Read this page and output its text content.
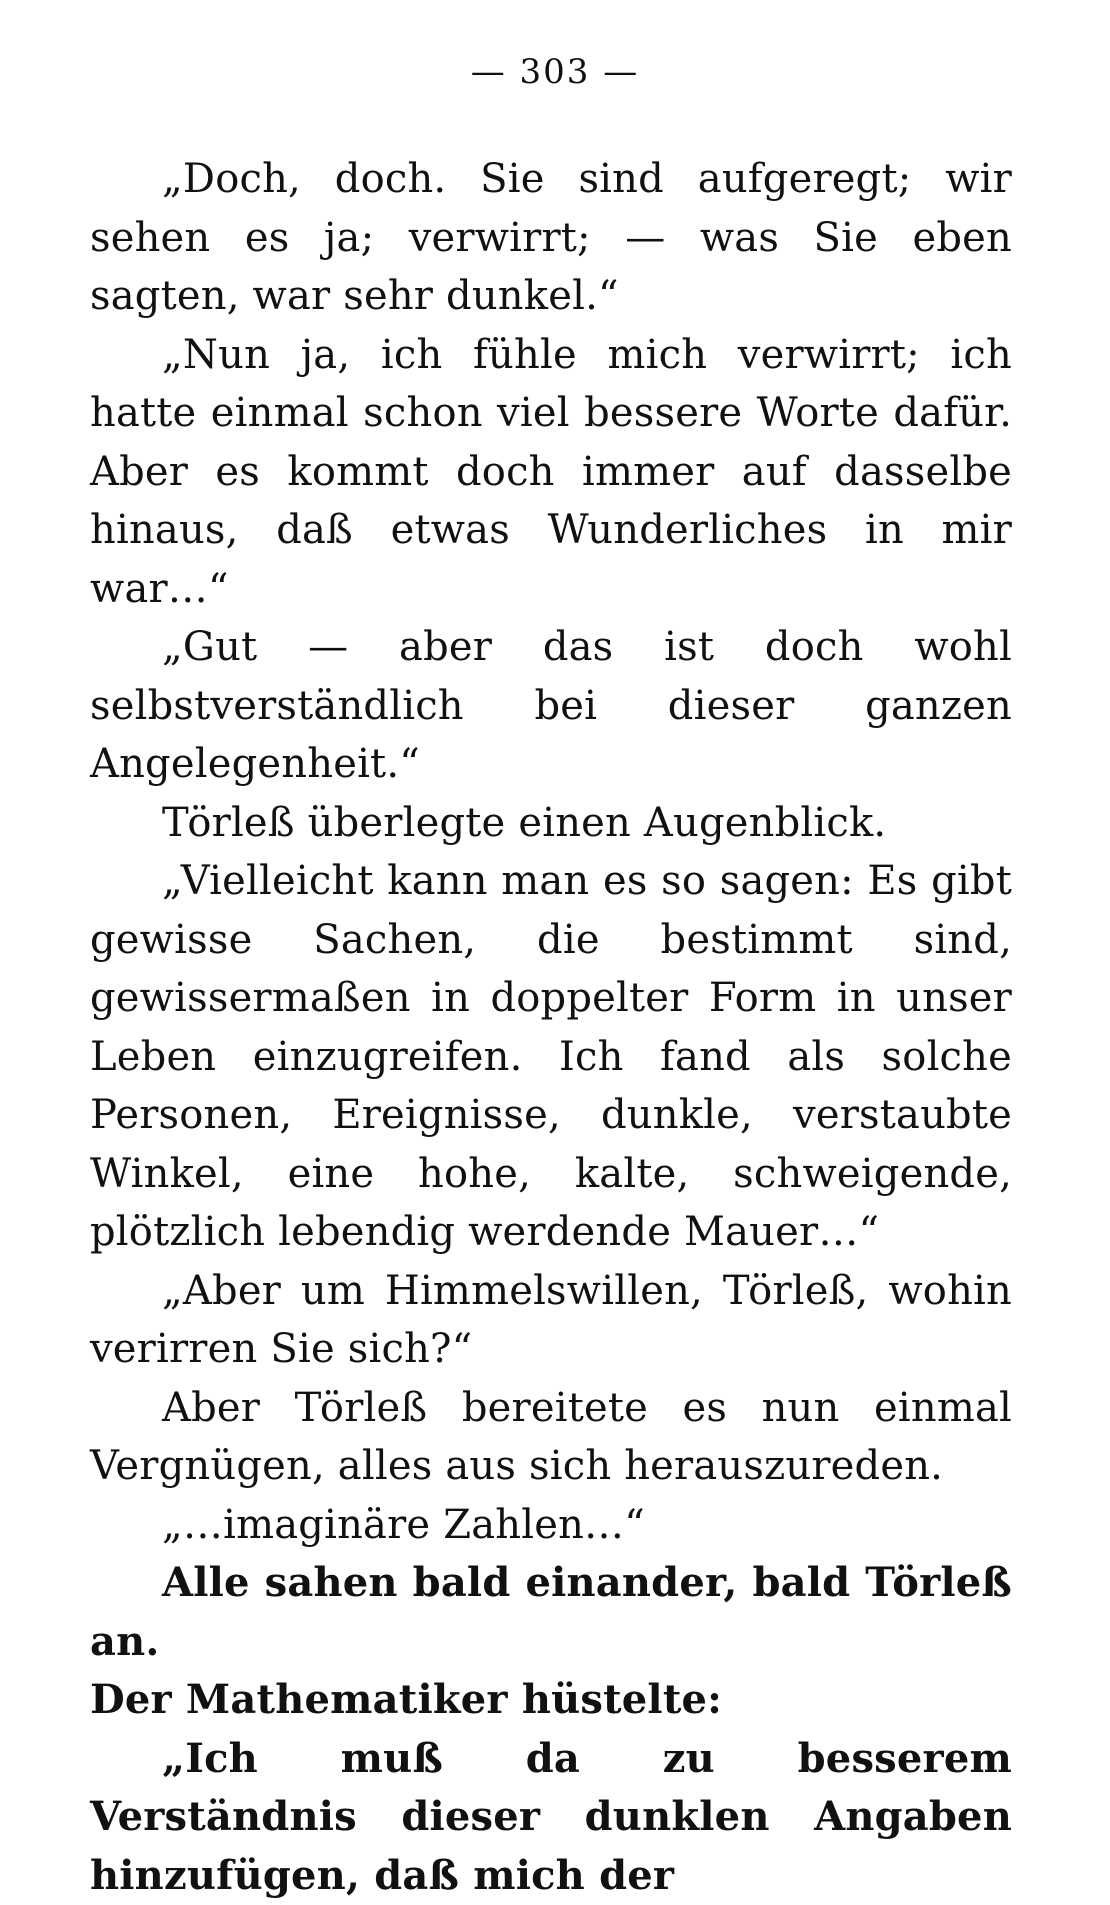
— 303 —

„Doch, doch. Sie sind aufgeregt; wir sehen es ja; verwirrt; — was Sie eben sagten, war sehr dunkel.“

„Nun ja, ich fühle mich verwirrt; ich hatte einmal schon viel bessere Worte dafür. Aber es kommt doch immer auf dasselbe hinaus, daß etwas Wunderliches in mir war…“

„Gut — aber das ist doch wohl selbstverständlich bei dieser ganzen Angelegenheit.“

Törleß überlegte einen Augenblick.

„Vielleicht kann man es so sagen: Es gibt gewisse Sachen, die bestimmt sind, gewissermaßen in doppelter Form in unser Leben einzugreifen. Ich fand als solche Personen, Ereignisse, dunkle, verstaubte Winkel, eine hohe, kalte, schweigende, plötzlich lebendig werdende Mauer…“

„Aber um Himmelswillen, Törleß, wohin verirren Sie sich?“

Aber Törleß bereitete es nun einmal Vergnügen, alles aus sich herauszureden.

„…imaginäre Zahlen…“

Alle sahen bald einander, bald Törleß an.

Der Mathematiker hüstelte:

„Ich muß da zu besserem Verständnis dieser dunklen Angaben hinzufügen, daß mich der
